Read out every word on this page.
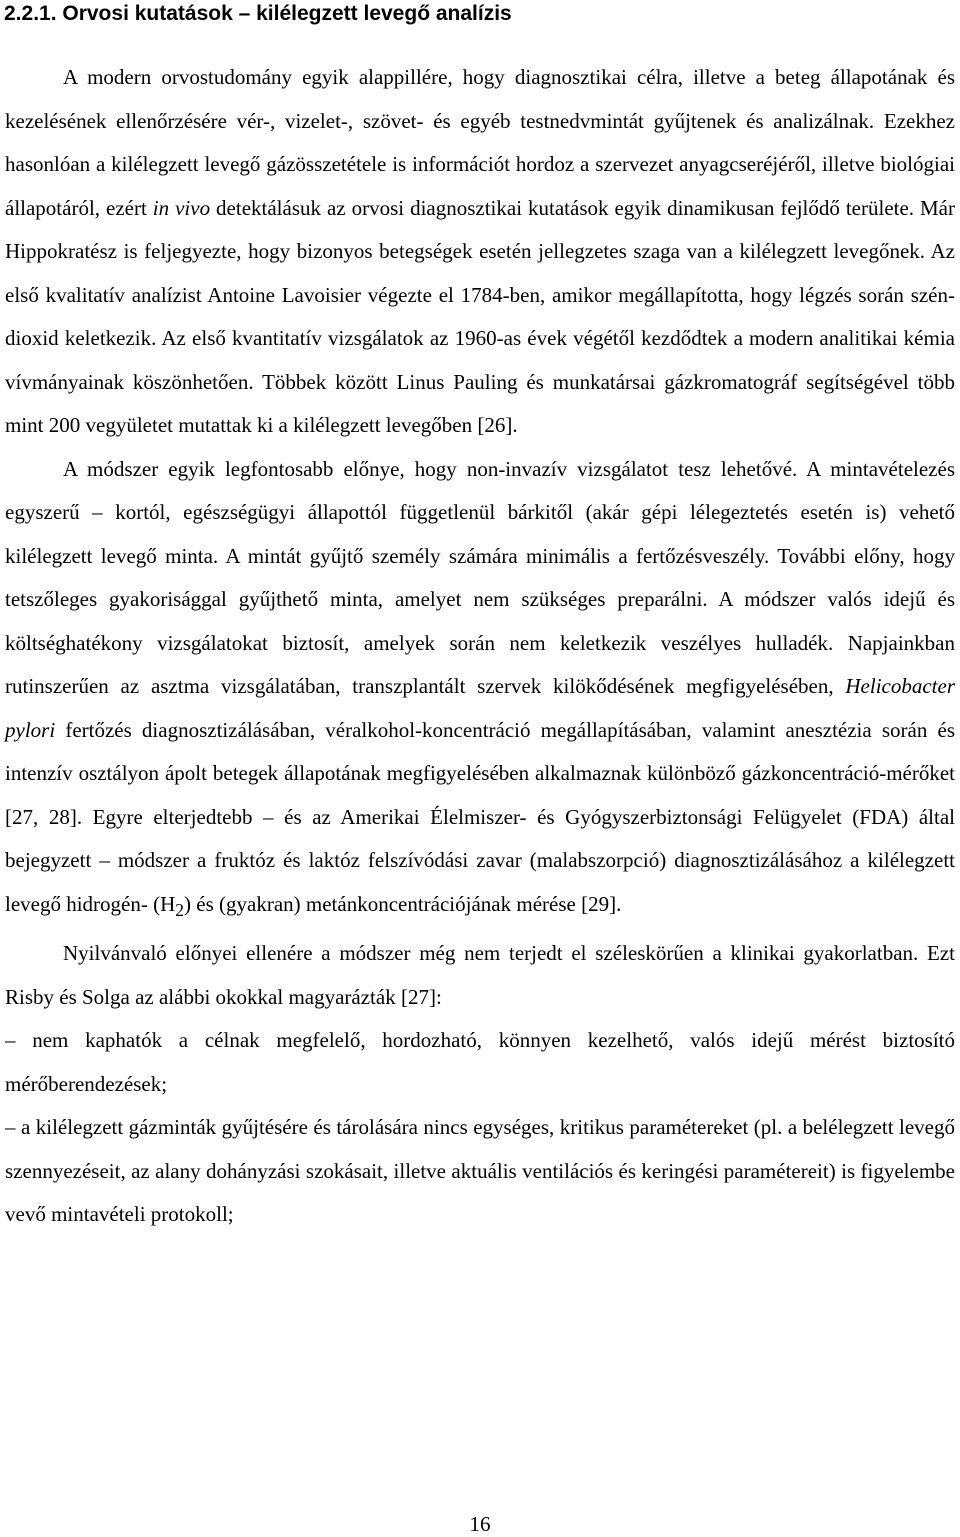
2.2.1. Orvosi kutatások – kilélegzett levegő analízis

A modern orvostudomány egyik alappillére, hogy diagnosztikai célra, illetve a beteg állapotának és kezelésének ellenőrzésére vér-, vizelet-, szövet- és egyéb testnedvmintát gyűjtenek és analizálnak. Ezekhez hasonlóan a kilélegzett levegő gázösszetétele is információt hordoz a szervezet anyagcseréjéről, illetve biológiai állapotáról, ezért in vivo detektálásuk az orvosi diagnosztikai kutatások egyik dinamikusan fejlődő területe. Már Hippokratész is feljegyezte, hogy bizonyos betegségek esetén jellegzetes szaga van a kilélegzett levegőnek. Az első kvalitatív analízist Antoine Lavoisier végezte el 1784-ben, amikor megállapította, hogy légzés során szén-dioxid keletkezik. Az első kvantitatív vizsgálatok az 1960-as évek végétől kezdődtek a modern analitikai kémia vívmányainak köszönhetően. Többek között Linus Pauling és munkatársai gázkromatográf segítségével több mint 200 vegyületet mutattak ki a kilélegzett levegőben [26].

A módszer egyik legfontosabb előnye, hogy non-invazív vizsgálatot tesz lehetővé. A mintavételezés egyszerű – kortól, egészségügyi állapottól függetlenül bárkitől (akár gépi lélegeztetés esetén is) vehető kilélegzett levegő minta. A mintát gyűjtő személy számára minimális a fertőzésveszély. További előny, hogy tetszőleges gyakorisággal gyűjthető minta, amelyet nem szükséges preparálni. A módszer valós idejű és költséghatékony vizsgálatokat biztosít, amelyek során nem keletkezik veszélyes hulladék. Napjainkban rutinszerűen az asztma vizsgálatában, transzplantált szervek kilökődésének megfigyelésében, Helicobacter pylori fertőzés diagnosztizálásában, véralkohol-koncentráció megállapításában, valamint anesztézia során és intenzív osztályon ápolt betegek állapotának megfigyelésében alkalmaznak különböző gázkoncentráció-mérőket [27, 28]. Egyre elterjedtebb – és az Amerikai Élelmiszer- és Gyógyszerbiztonsági Felügyelet (FDA) által bejegyzett – módszer a fruktóz és laktóz felszívódási zavar (malabszorpció) diagnosztizálásához a kilélegzett levegő hidrogén- $(H_2)$ és (gyakran) metánkoncentrációjának mérése [29].

Nyilvánvaló előnyei ellenére a módszer még nem terjedt el széleskörűen a klinikai gyakorlatban. Ezt Risby és Solga az alábbi okokkal magyarázták [27]:

– nem kaphatók a célnak megfelelő, hordozható, könnyen kezelhető, valós idejű mérést biztosító mérőberendezések;

– a kilélegzett gázminták gyűjtésére és tárolására nincs egységes, kritikus paramétereket (pl. a belélegzett levegő szennyezéseit, az alany dohányzási szokásait, illetve aktuális ventilációs és keringési paramétereit) is figyelembe vevő mintavételi protokoll;

16
